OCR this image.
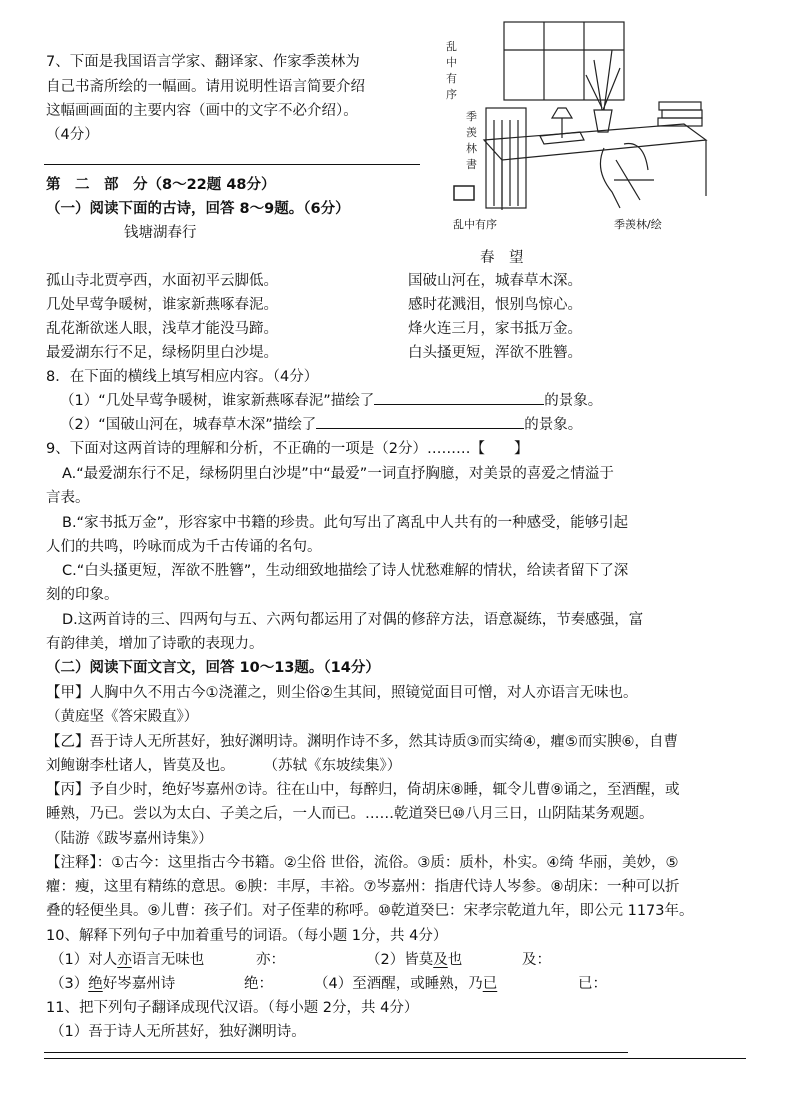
7、下面是我国语言学家、翻译家、作家季羡林为
自己书斋所绘的一幅画。请用说明性语言简要介绍
这幅画画面的主要内容（画中的文字不必介绍）。
（4分）
乱
中
有
序
季
羡
林
書
乱中有序	季羡林/绘
第　二　部　分（8～22题 48分）
（一）阅读下面的古诗，回答 8～9题。（6分）
钱塘湖春行
春　望
孤山寺北贾亭西，水面初平云脚低。
几处早莺争暖树，谁家新燕啄春泥。
乱花渐欲迷人眼，浅草才能没马蹄。
最爱湖东行不足，绿杨阴里白沙堤。
国破山河在，城春草木深。
感时花溅泪，恨别鸟惊心。
烽火连三月，家书抵万金。
白头搔更短，浑欲不胜簪。
8．在下面的横线上填写相应内容。（4分）
（1）“几处早莺争暖树，谁家新燕啄春泥”描绘了	的景象。
（2）“国破山河在，城春草木深”描绘了	的景象。
9、下面对这两首诗的理解和分析，不正确的一项是（2分）………【　　】
A.“最爱湖东行不足，绿杨阴里白沙堤”中“最爱”一词直抒胸臆，对美景的喜爱之情溢于
言表。
B.“家书抵万金”，形容家中书籍的珍贵。此句写出了离乱中人共有的一种感受，能够引起
人们的共鸣，吟咏而成为千古传诵的名句。
C.“白头搔更短，浑欲不胜簪”，生动细致地描绘了诗人忧愁难解的情状，给读者留下了深
刻的印象。
D.这两首诗的三、四两句与五、六两句都运用了对偶的修辞方法，语意凝练，节奏感强，富
有韵律美，增加了诗歌的表现力。
（二）阅读下面文言文，回答 10～13题。（14分）
【甲】人胸中久不用古今①浇灌之，则尘俗②生其间，照镜觉面目可憎，对人亦语言无味也。
（黄庭坚《答宋殿直》）
【乙】吾于诗人无所甚好，独好渊明诗。渊明作诗不多，然其诗质③而实绮④，癯⑤而实腴⑥，自曹
刘鲍谢李杜诸人，皆莫及也。　　　（苏轼《东坡续集》）
【丙】予自少时，绝好岑嘉州⑦诗。往在山中，每醉归，倚胡床⑧睡，辄令儿曹⑨诵之，至酒醒，或
睡熟，乃已。尝以为太白、子美之后，一人而已。……乾道癸巳⑩八月三日，山阴陆某务观题。
（陆游《跋岑嘉州诗集》）
【注释】：①古今：这里指古今书籍。②尘俗 世俗，流俗。③质：质朴，朴实。④绮 华丽，美妙，⑤
癯：瘦，这里有精练的意思。⑥腴：丰厚，丰裕。⑦岑嘉州：指唐代诗人岑参。⑧胡床：一种可以折
叠的轻便坐具。⑨儿曹：孩子们。对子侄辈的称呼。⑩乾道癸巳：宋孝宗乾道九年，即公元 1173年。
10、解释下列句子中加着重号的词语。（每小题 1分，共 4分）
（1）对人亦语言无味也	亦：	（2）皆莫及也	及：
（3）绝好岑嘉州诗	绝：	（4）至酒醒，或睡熟，乃已	已：
11、把下列句子翻译成现代汉语。（每小题 2分，共 4分）
（1）吾于诗人无所甚好，独好渊明诗。
